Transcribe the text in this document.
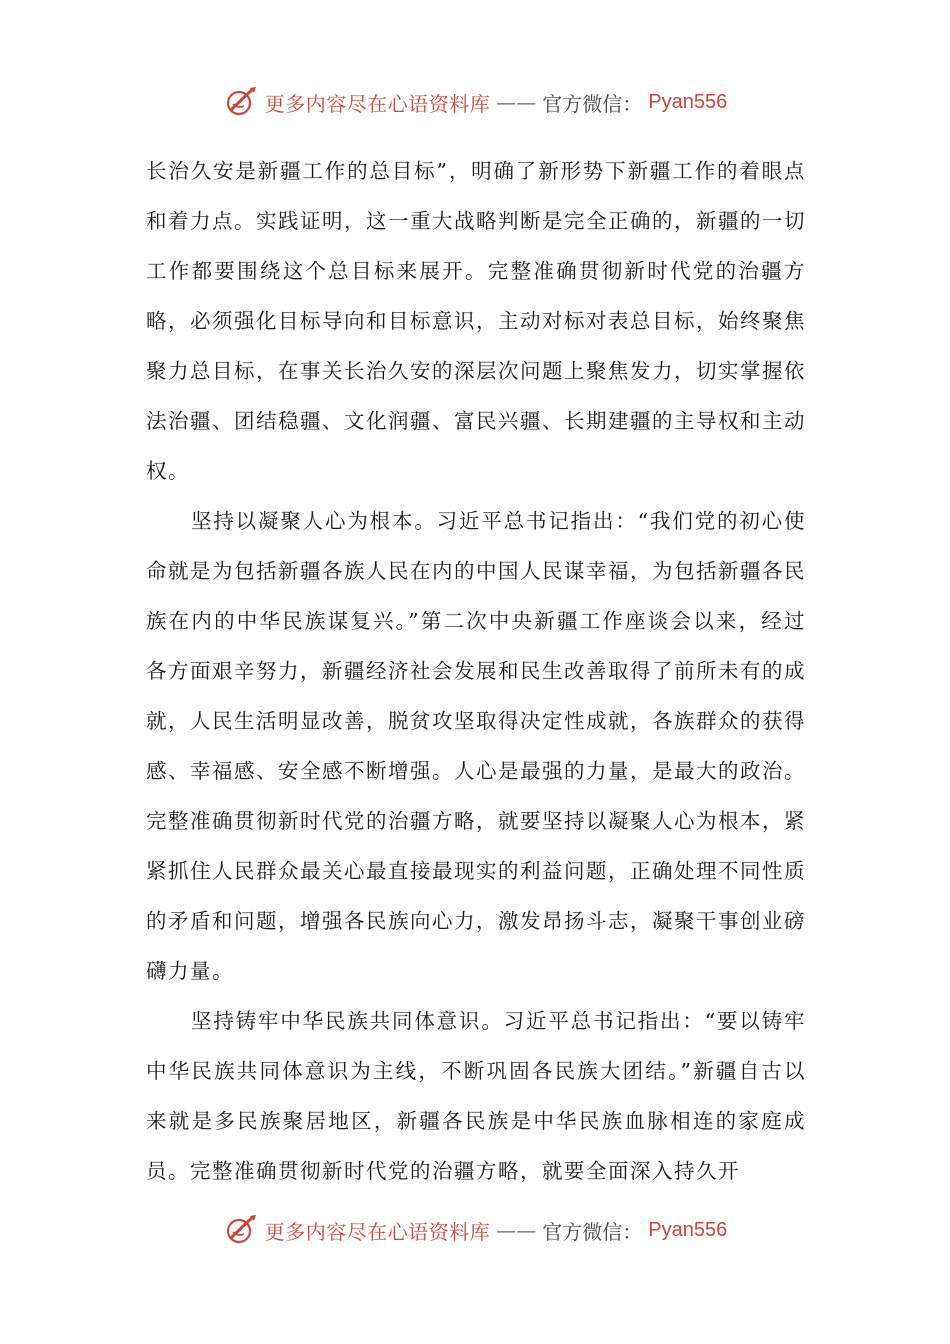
更多内容尽在心语资料库 —— 官方微信： Pyan556

长治久安是新疆工作的总目标”，明确了新形势下新疆工作的着眼点和着力点。实践证明，这一重大战略判断是完全正确的，新疆的一切工作都要围绕这个总目标来展开。完整准确贯彻新时代党的治疆方略，必须强化目标导向和目标意识，主动对标对表总目标，始终聚焦聚力总目标，在事关长治久安的深层次问题上聚焦发力，切实掌握依法治疆、团结稳疆、文化润疆、富民兴疆、长期建疆的主导权和主动权。

坚持以凝聚人心为根本。习近平总书记指出：“我们党的初心使命就是为包括新疆各族人民在内的中国人民谋幸福，为包括新疆各民族在内的中华民族谋复兴。”第二次中央新疆工作座谈会以来，经过各方面艰辛努力，新疆经济社会发展和民生改善取得了前所未有的成就，人民生活明显改善，脱贫攻坚取得决定性成就，各族群众的获得感、幸福感、安全感不断增强。人心是最强的力量，是最大的政治。完整准确贯彻新时代党的治疆方略，就要坚持以凝聚人心为根本，紧紧抓住人民群众最关心最直接最现实的利益问题，正确处理不同性质的矛盾和问题，增强各民族向心力，激发昂扬斗志，凝聚干事创业磅礴力量。

坚持铸牢中华民族共同体意识。习近平总书记指出：“要以铸牢中华民族共同体意识为主线，不断巩固各民族大团结。”新疆自古以来就是多民族聚居地区，新疆各民族是中华民族血脉相连的家庭成员。完整准确贯彻新时代党的治疆方略，就要全面深入持久开

更多内容尽在心语资料库 —— 官方微信： Pyan556
